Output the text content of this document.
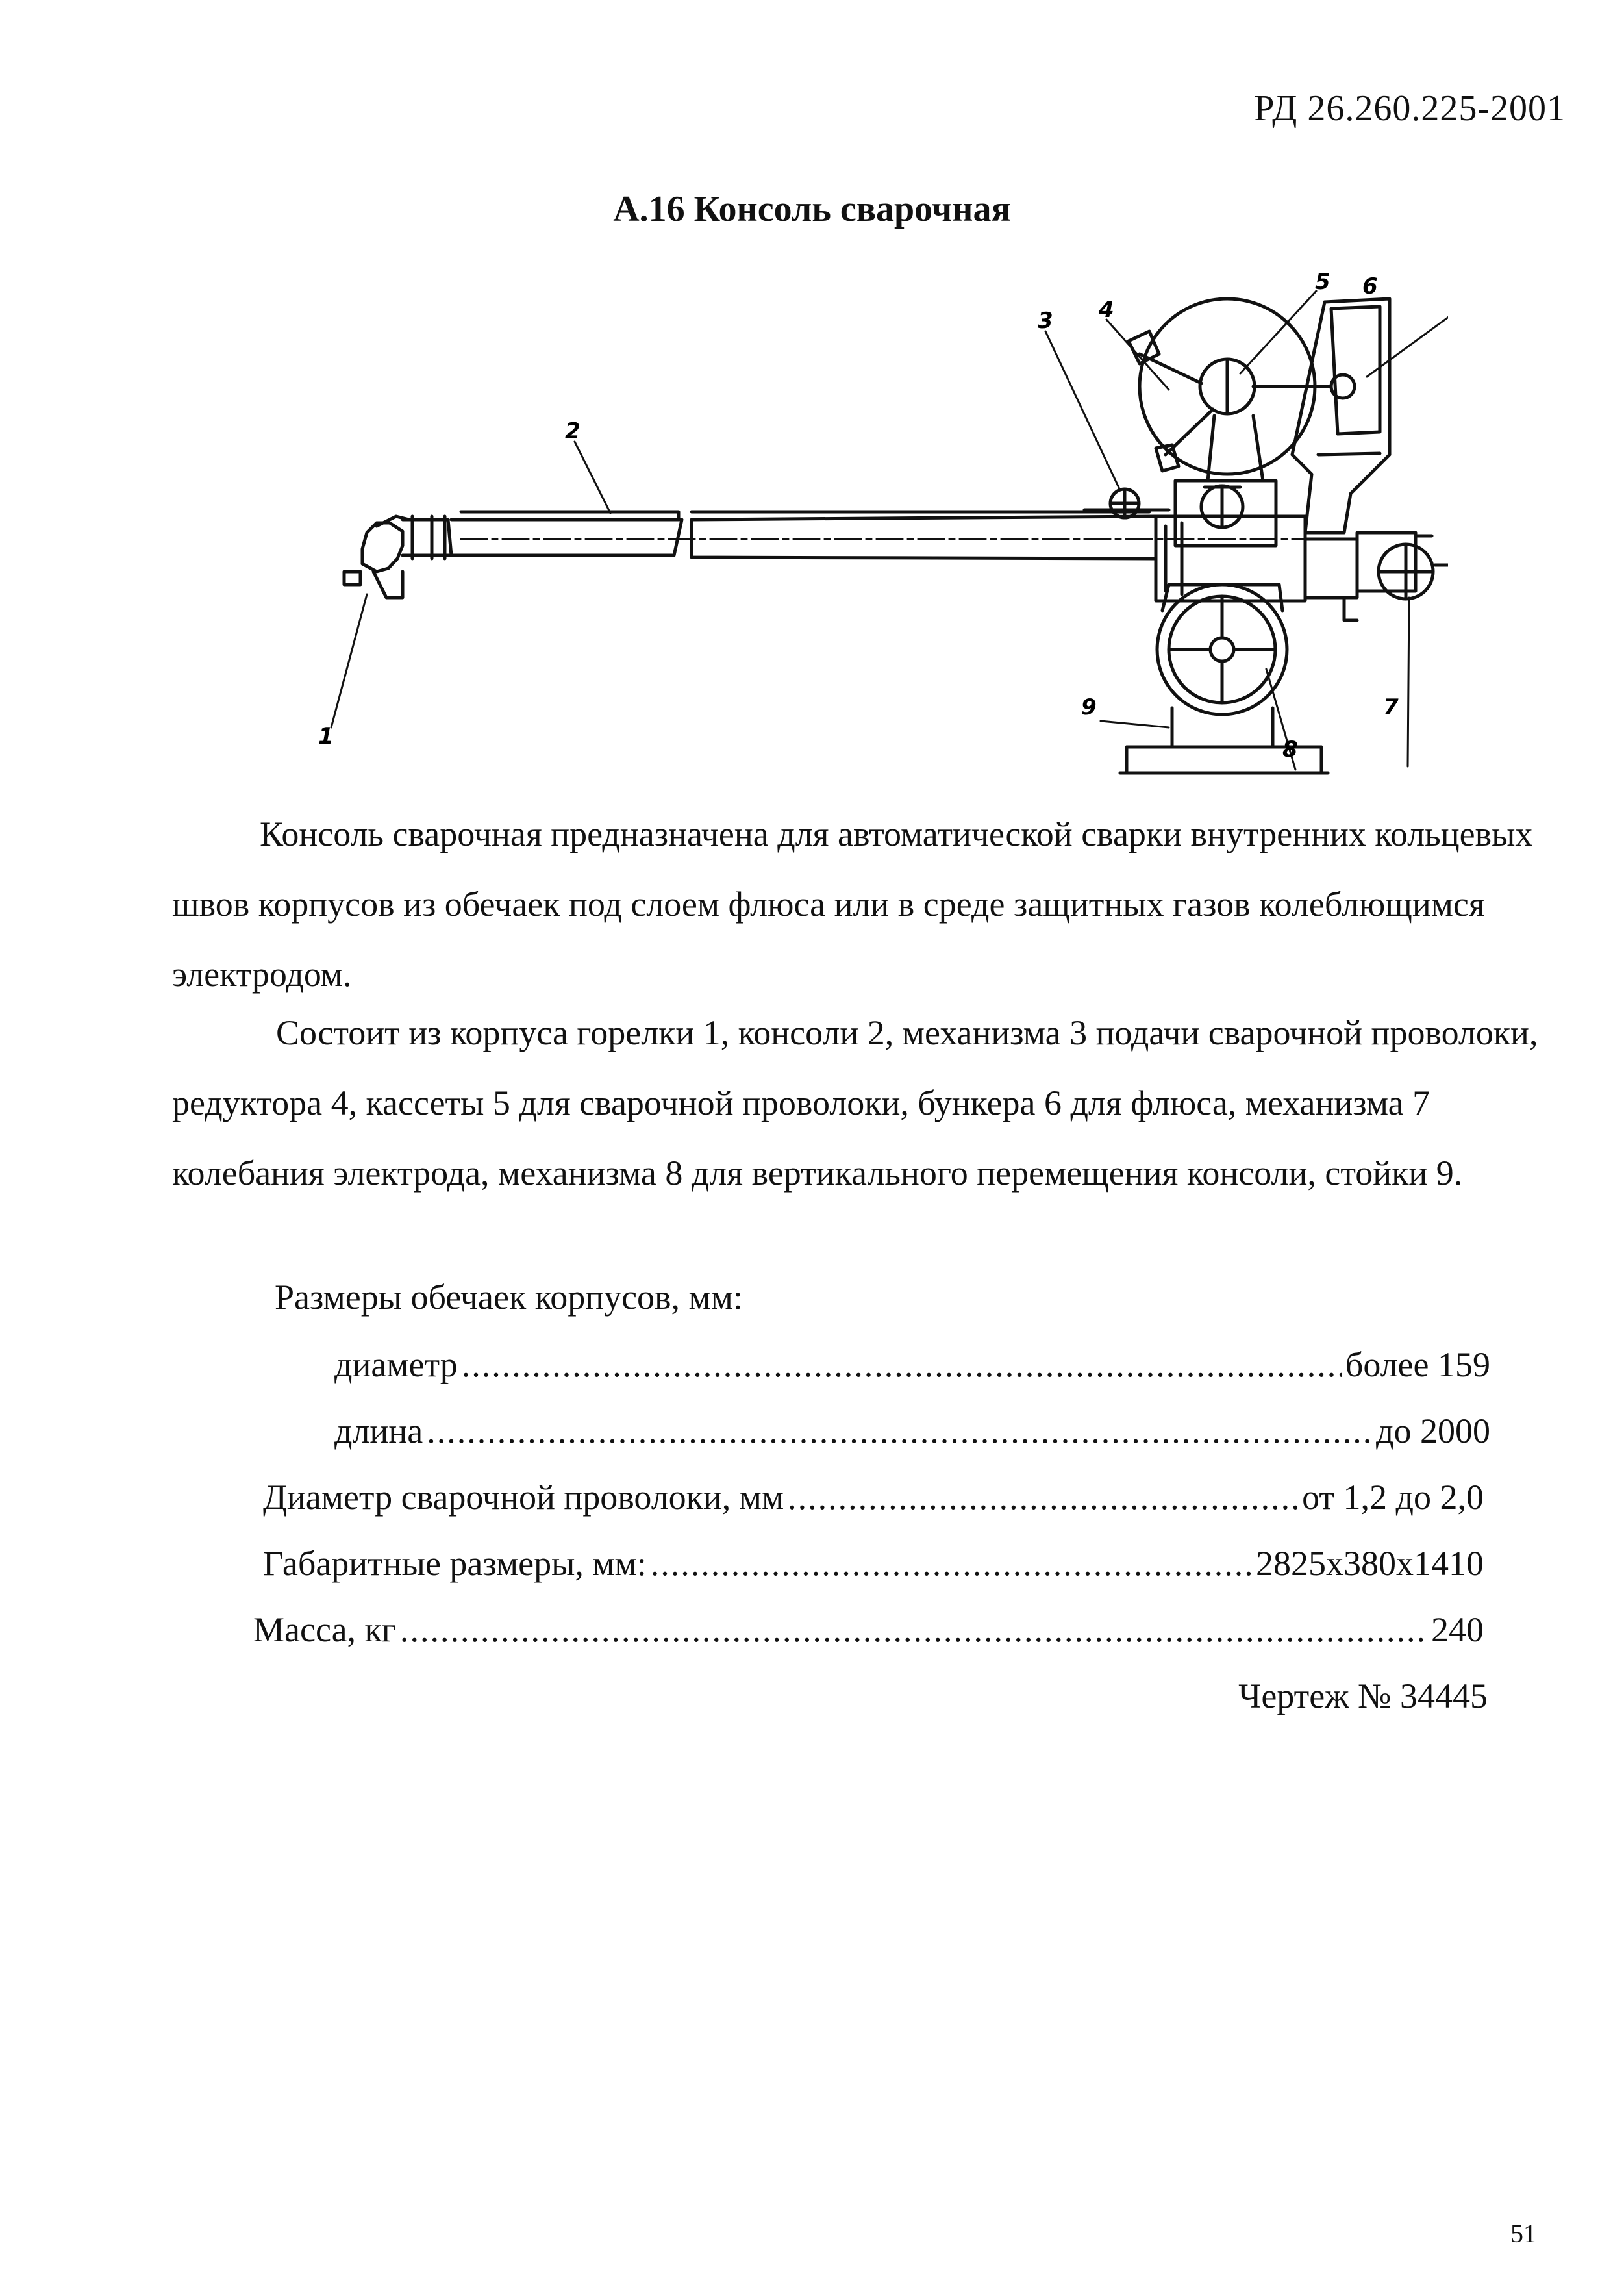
РД 26.260.225-2001
А.16 Консоль сварочная
1
2
3 4
5 6
7
8
9

Консоль сварочная предназначена для автоматической сварки внутренних кольцевых швов корпусов из обечаек под слоем флюса или в среде защитных газов колеблющимся электродом.

Состоит из корпуса горелки 1, консоли 2, механизма 3 подачи сварочной проволоки, редуктора 4, кассеты 5 для сварочной проволоки, бункера 6 для флюса, механизма 7 колебания электрода, механизма 8 для вертикального перемещения консоли, стойки 9.

Размеры обечаек корпусов, мм:
диаметр .....	более 159
длина .....	до 2000
Диаметр сварочной проволоки, мм .....	от 1,2 до 2,0
Габаритные размеры, мм: .....	2825x380x1410
Масса, кг .....	240
Чертеж № 34445
51
